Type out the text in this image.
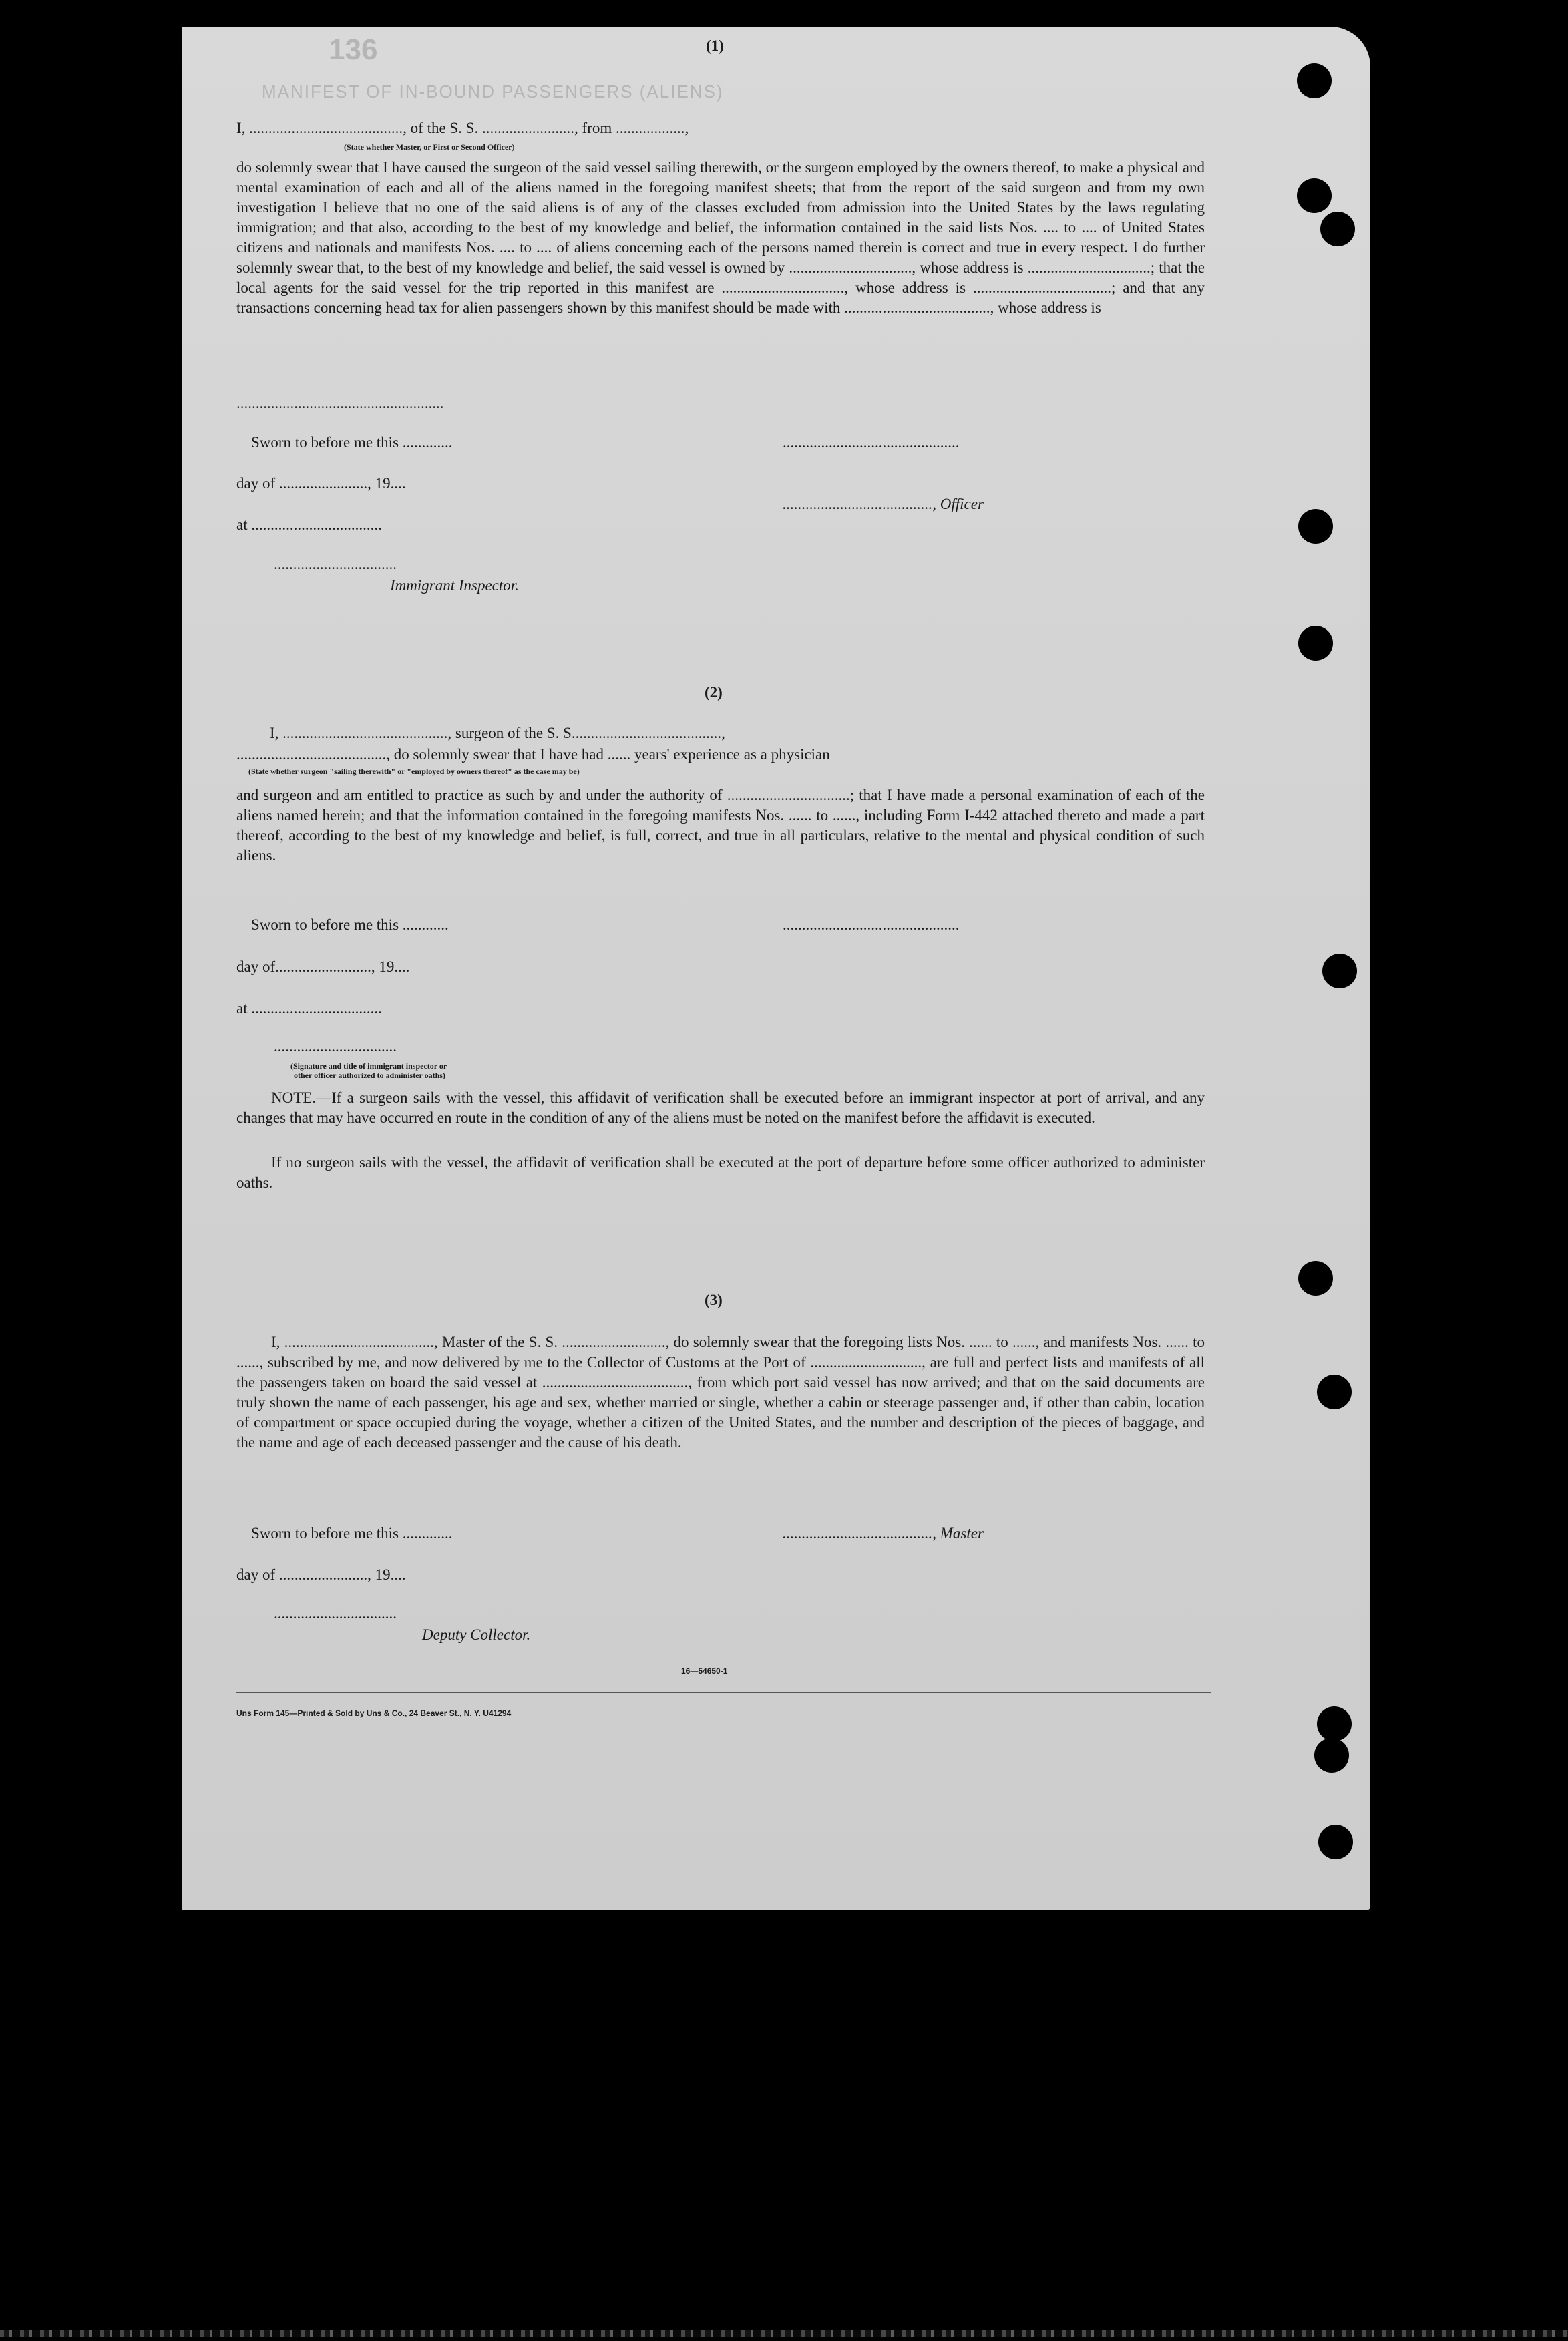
136
MANIFEST OF IN-BOUND PASSENGERS (ALIENS)
(1)
I, ........................................, of the S. S. ........................, from ..................,
(State whether Master, or First or Second Officer)
do solemnly swear that I have caused the surgeon of the said vessel sailing therewith, or the surgeon employed by the owners thereof, to make a physical and mental examination of each and all of the aliens named in the foregoing manifest sheets; that from the report of the said surgeon and from my own investigation I believe that no one of the said aliens is of any of the classes excluded from admission into the United States by the laws regulating immigration; and that also, according to the best of my knowledge and belief, the information contained in the said lists Nos. .... to .... of United States citizens and nationals and manifests Nos. .... to .... of aliens concerning each of the persons named therein is correct and true in every respect. I do further solemnly swear that, to the best of my knowledge and belief, the said vessel is owned by ................................, whose address is ................................; that the local agents for the said vessel for the trip reported in this manifest are ................................, whose address is ....................................; and that any transactions concerning head tax for alien passengers shown by this manifest should be made with ......................................, whose address is
......................................................
Sworn to before me this .............	..............................................
day of ......................., 19....
......................................., Officer
at ..................................
................................
Immigrant Inspector.
(2)
I, ..........................................., surgeon of the S. S.......................................,
......................................., do solemnly swear that I have had ...... years' experience as a physician
(State whether surgeon "sailing therewith" or "employed by owners thereof" as the case may be)
and surgeon and am entitled to practice as such by and under the authority of ................................; that I have made a personal examination of each of the aliens named herein; and that the information contained in the foregoing manifests Nos. ...... to ......, including Form I-442 attached thereto and made a part thereof, according to the best of my knowledge and belief, is full, correct, and true in all particulars, relative to the mental and physical condition of such aliens.
Sworn to before me this ............	..............................................
day of........................., 19....
at ..................................
................................
(Signature and title of immigrant inspector or
other officer authorized to administer oaths)
NOTE.—If a surgeon sails with the vessel, this affidavit of verification shall be executed before an immigrant inspector at port of arrival, and any changes that may have occurred en route in the condition of any of the aliens must be noted on the manifest before the affidavit is executed.
If no surgeon sails with the vessel, the affidavit of verification shall be executed at the port of departure before some officer authorized to administer oaths.
(3)
I, ......................................., Master of the S. S. ..........................., do solemnly swear that the foregoing lists Nos. ...... to ......, and manifests Nos. ...... to ......, subscribed by me, and now delivered by me to the Collector of Customs at the Port of ............................., are full and perfect lists and manifests of all the passengers taken on board the said vessel at ......................................, from which port said vessel has now arrived; and that on the said documents are truly shown the name of each passenger, his age and sex, whether married or single, whether a cabin or steerage passenger and, if other than cabin, location of compartment or space occupied during the voyage, whether a citizen of the United States, and the number and description of the pieces of baggage, and the name and age of each deceased passenger and the cause of his death.
Sworn to before me this .............	......................................., Master
day of ......................., 19....
................................
Deputy Collector.
16—54650-1
Uns Form 145—Printed & Sold by Uns & Co., 24 Beaver St., N. Y. U41294
